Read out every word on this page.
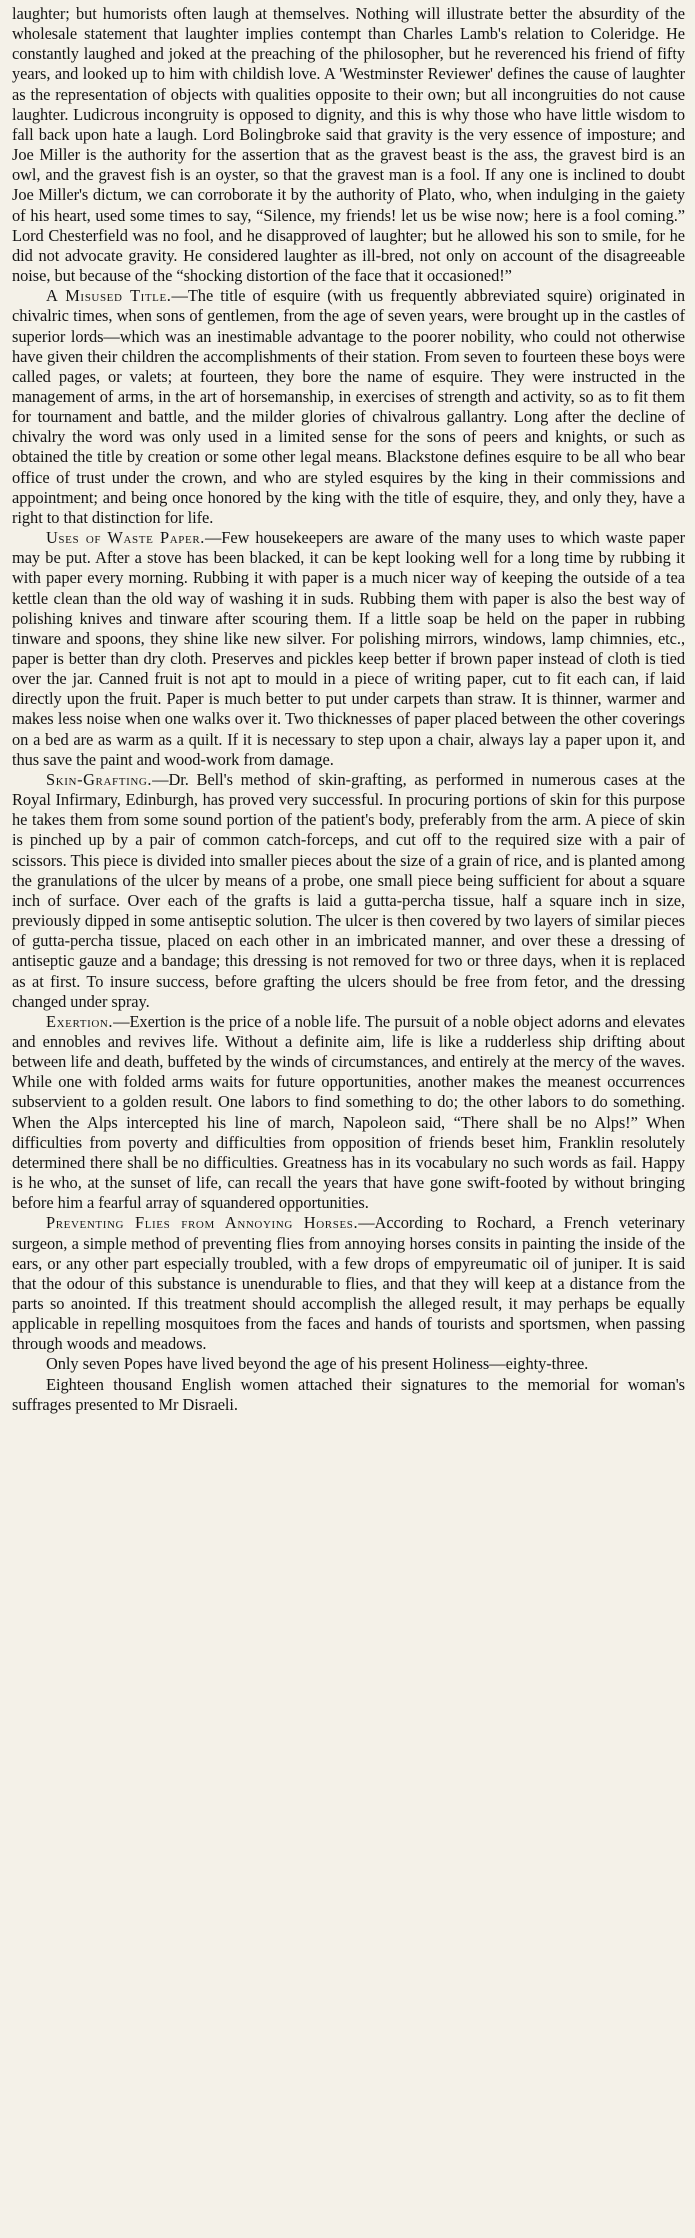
laughter; but humorists often laugh at themselves. Nothing will illustrate better the absurdity of the wholesale statement that laughter implies contempt than Charles Lamb's relation to Coleridge. He constantly laughed and joked at the preaching of the philosopher, but he reverenced his friend of fifty years, and looked up to him with childish love. A 'Westminster Reviewer' defines the cause of laughter as the representation of objects with qualities opposite to their own; but all incongruities do not cause laughter. Ludicrous incongruity is opposed to dignity, and this is why those who have little wisdom to fall back upon hate a laugh. Lord Bolingbroke said that gravity is the very essence of imposture; and Joe Miller is the authority for the assertion that as the gravest beast is the ass, the gravest bird is an owl, and the gravest fish is an oyster, so that the gravest man is a fool. If any one is inclined to doubt Joe Miller's dictum, we can corroborate it by the authority of Plato, who, when indulging in the gaiety of his heart, used some times to say, “Silence, my friends! let us be wise now; here is a fool coming.” Lord Chesterfield was no fool, and he disapproved of laughter; but he allowed his son to smile, for he did not advocate gravity. He considered laughter as ill-bred, not only on account of the disagreeable noise, but because of the “shocking distortion of the face that it occasioned!”

A Misused Title.—The title of esquire (with us frequently abbreviated squire) originated in chivalric times, when sons of gentlemen, from the age of seven years, were brought up in the castles of superior lords—which was an inestimable advantage to the poorer nobility, who could not otherwise have given their children the accomplishments of their station. From seven to fourteen these boys were called pages, or valets; at fourteen, they bore the name of esquire. They were instructed in the management of arms, in the art of horsemanship, in exercises of strength and activity, so as to fit them for tournament and battle, and the milder glories of chivalrous gallantry. Long after the decline of chivalry the word was only used in a limited sense for the sons of peers and knights, or such as obtained the title by creation or some other legal means. Blackstone defines esquire to be all who bear office of trust under the crown, and who are styled esquires by the king in their commissions and appointment; and being once honored by the king with the title of esquire, they, and only they, have a right to that distinction for life.

Uses of Waste Paper.—Few housekeepers are aware of the many uses to which waste paper may be put. After a stove has been blacked, it can be kept looking well for a long time by rubbing it with paper every morning. Rubbing it with paper is a much nicer way of keeping the outside of a tea kettle clean than the old way of washing it in suds. Rubbing them with paper is also the best way of polishing knives and tinware after scouring them. If a little soap be held on the paper in rubbing tinware and spoons, they shine like new silver. For polishing mirrors, windows, lamp chimnies, etc., paper is better than dry cloth. Preserves and pickles keep better if brown paper instead of cloth is tied over the jar. Canned fruit is not apt to mould in a piece of writing paper, cut to fit each can, if laid directly upon the fruit. Paper is much better to put under carpets than straw. It is thinner, warmer and makes less noise when one walks over it. Two thicknesses of paper placed between the other coverings on a bed are as warm as a quilt. If it is necessary to step upon a chair, always lay a paper upon it, and thus save the paint and wood-work from damage.

Skin-Grafting.—Dr. Bell's method of skin-grafting, as performed in numerous cases at the Royal Infirmary, Edinburgh, has proved very successful. In procuring portions of skin for this purpose he takes them from some sound portion of the patient's body, preferably from the arm. A piece of skin is pinched up by a pair of common catch-forceps, and cut off to the required size with a pair of scissors. This piece is divided into smaller pieces about the size of a grain of rice, and is planted among the granulations of the ulcer by means of a probe, one small piece being sufficient for about a square inch of surface. Over each of the grafts is laid a gutta-percha tissue, half a square inch in size, previously dipped in some antiseptic solution. The ulcer is then covered by two layers of similar pieces of gutta-percha tissue, placed on each other in an imbricated manner, and over these a dressing of antiseptic gauze and a bandage; this dressing is not removed for two or three days, when it is replaced as at first. To insure success, before grafting the ulcers should be free from fetor, and the dressing changed under spray.

Exertion.—Exertion is the price of a noble life. The pursuit of a noble object adorns and elevates and ennobles and revives life. Without a definite aim, life is like a rudderless ship drifting about between life and death, buffeted by the winds of circumstances, and entirely at the mercy of the waves. While one with folded arms waits for future opportunities, another makes the meanest occurrences subservient to a golden result. One labors to find something to do; the other labors to do something. When the Alps intercepted his line of march, Napoleon said, “There shall be no Alps!” When difficulties from poverty and difficulties from opposition of friends beset him, Franklin resolutely determined there shall be no difficulties. Greatness has in its vocabulary no such words as fail. Happy is he who, at the sunset of life, can recall the years that have gone swift-footed by without bringing before him a fearful array of squandered opportunities.

Preventing Flies from Annoying Horses.—According to Rochard, a French veterinary surgeon, a simple method of preventing flies from annoying horses consits in painting the inside of the ears, or any other part especially troubled, with a few drops of empyreumatic oil of juniper. It is said that the odour of this substance is unendurable to flies, and that they will keep at a distance from the parts so anointed. If this treatment should accomplish the alleged result, it may perhaps be equally applicable in repelling mosquitoes from the faces and hands of tourists and sportsmen, when passing through woods and meadows.

Only seven Popes have lived beyond the age of his present Holiness—eighty-three.

Eighteen thousand English women attached their signatures to the memorial for woman's suffrages presented to Mr Disraeli.
